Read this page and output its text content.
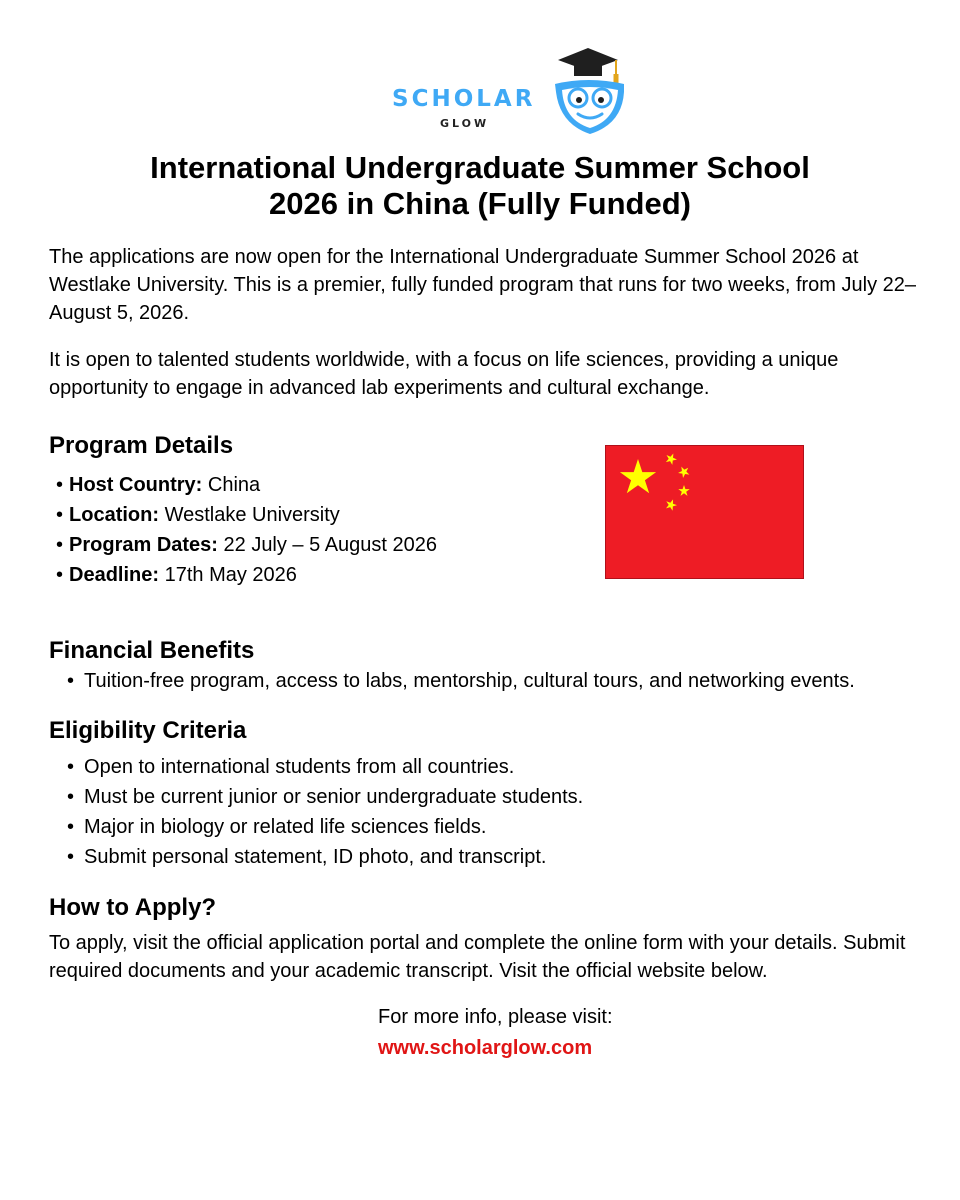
SCHOLAR
GLOW
International Undergraduate Summer School
2026 in China (Fully Funded)

The applications are now open for the International Undergraduate Summer School 2026 at Westlake University. This is a premier, fully funded program that runs for two weeks, from July 22–August 5, 2026.

It is open to talented students worldwide, with a focus on life sciences, providing a unique opportunity to engage in advanced lab experiments and cultural exchange.

Program Details
• Host Country: China
• Location: Westlake University
• Program Dates: 22 July – 5 August 2026
• Deadline: 17th May 2026
Financial Benefits
• Tuition-free program, access to labs, mentorship, cultural tours, and networking events.
Eligibility Criteria
• Open to international students from all countries.
• Must be current junior or senior undergraduate students.
• Major in biology or related life sciences fields.
• Submit personal statement, ID photo, and transcript.
How to Apply?

To apply, visit the official application portal and complete the online form with your details. Submit required documents and your academic transcript. Visit the official website below.

For more info, please visit:

www.scholarglow.com
